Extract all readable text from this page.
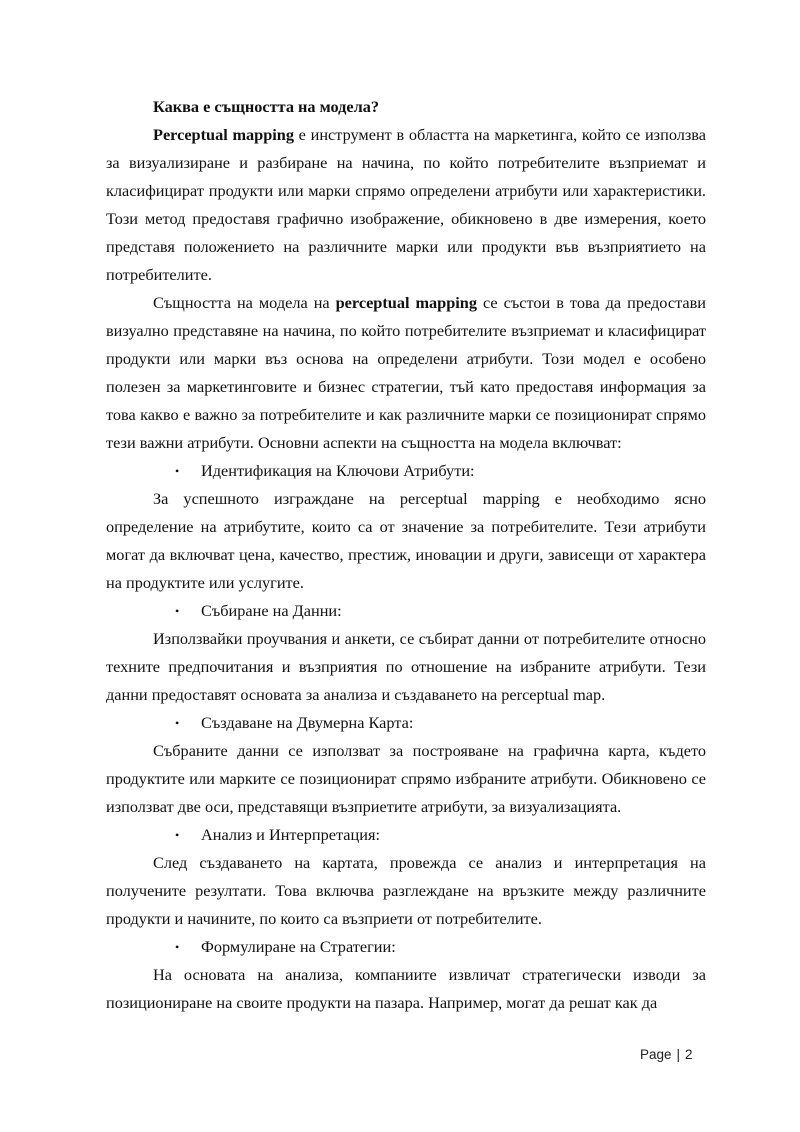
Каква е същността на модела?

Perceptual mapping е инструмент в областта на маркетинга, който се използва за визуализиране и разбиране на начина, по който потребителите възприемат и класифицират продукти или марки спрямо определени атрибути или характеристики. Този метод предоставя графично изображение, обикновено в две измерения, което представя положението на различните марки или продукти във възприятието на потребителите.

Същността на модела на perceptual mapping се състои в това да предостави визуално представяне на начина, по който потребителите възприемат и класифицират продукти или марки въз основа на определени атрибути. Този модел е особено полезен за маркетинговите и бизнес стратегии, тъй като предоставя информация за това какво е важно за потребителите и как различните марки се позиционират спрямо тези важни атрибути. Основни аспекти на същността на модела включват:

• Идентификация на Ключови Атрибути:

За успешното изграждане на perceptual mapping е необходимо ясно определение на атрибутите, които са от значение за потребителите. Тези атрибути могат да включват цена, качество, престиж, иновации и други, зависещи от характера на продуктите или услугите.

• Събиране на Данни:

Използвайки проучвания и анкети, се събират данни от потребителите относно техните предпочитания и възприятия по отношение на избраните атрибути. Тези данни предоставят основата за анализа и създаването на perceptual map.

• Създаване на Двумерна Карта:

Събраните данни се използват за построяване на графична карта, където продуктите или марките се позиционират спрямо избраните атрибути. Обикновено се използват две оси, представящи възприетите атрибути, за визуализацията.

• Анализ и Интерпретация:

След създаването на картата, провежда се анализ и интерпретация на получените резултати. Това включва разглеждане на връзките между различните продукти и начините, по които са възприети от потребителите.

• Формулиране на Стратегии:

На основата на анализа, компаниите извличат стратегически изводи за позициониране на своите продукти на пазара. Например, могат да решат как да

Page | 2
